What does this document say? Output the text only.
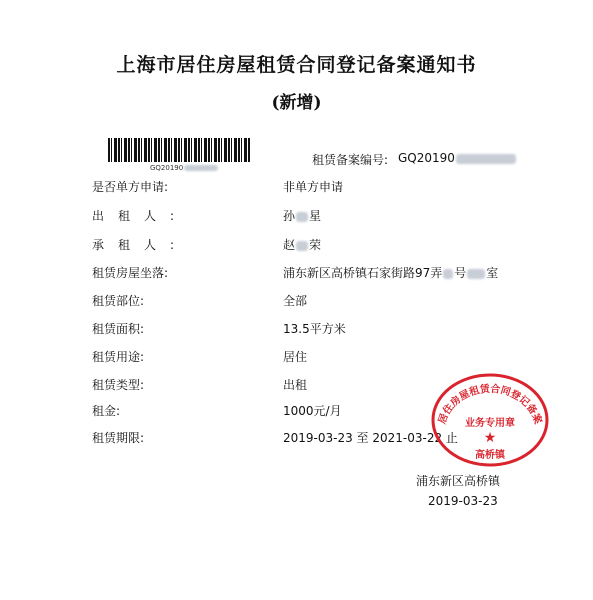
上海市居住房屋租赁合同登记备案通知书
(新增)
GQ20190
租赁备案编号: GQ20190
是否单方申请:	非单方申请
出租人:	孙 星
承租人:	赵 荣
租赁房屋坐落:	浦东新区高桥镇石家街路97弄 号 室
租赁部位:	全部
租赁面积:	13.5平方米
租赁用途:	居住
租赁类型:	出租
租金:	1000元/月
租赁期限:	2019-03-23 至 2021-03-22 止
居住房屋租赁合同登记备案
业务专用章
★
高桥镇
浦东新区高桥镇
2019-03-23
